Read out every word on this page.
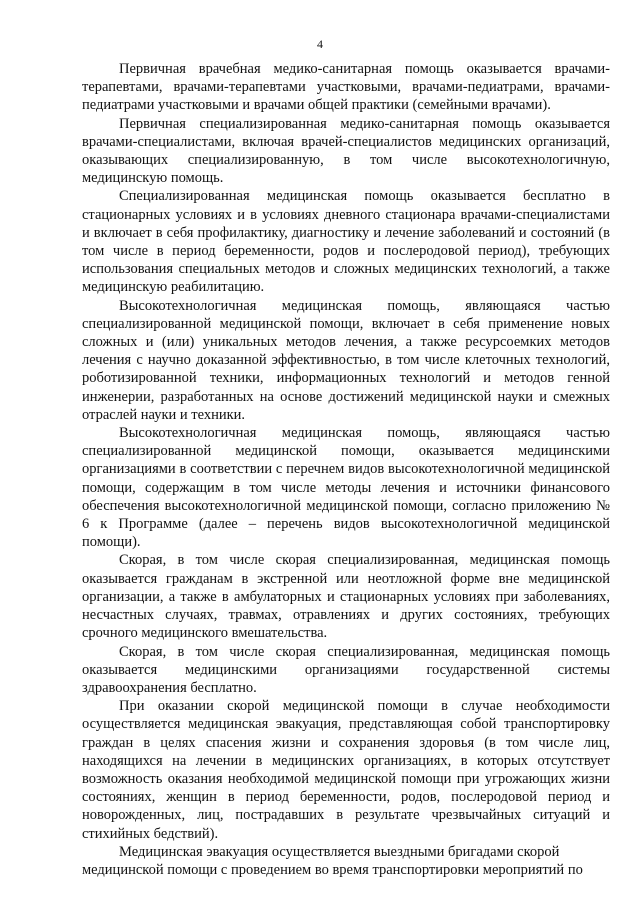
4

Первичная врачебная медико-санитарная помощь оказывается врачами-терапевтами, врачами-терапевтами участковыми, врачами-педиатрами, врачами-педиатрами участковыми и врачами общей практики (семейными врачами).

Первичная специализированная медико-санитарная помощь оказывается врачами-специалистами, включая врачей-специалистов медицинских организаций, оказывающих специализированную, в том числе высокотехнологичную, медицинскую помощь.

Специализированная медицинская помощь оказывается бесплатно в стационарных условиях и в условиях дневного стационара врачами-специалистами и включает в себя профилактику, диагностику и лечение заболеваний и состояний (в том числе в период беременности, родов и послеродовой период), требующих использования специальных методов и сложных медицинских технологий, а также медицинскую реабилитацию.

Высокотехнологичная медицинская помощь, являющаяся частью специализированной медицинской помощи, включает в себя применение новых сложных и (или) уникальных методов лечения, а также ресурсоемких методов лечения с научно доказанной эффективностью, в том числе клеточных технологий, роботизированной техники, информационных технологий и методов генной инженерии, разработанных на основе достижений медицинской науки и смежных отраслей науки и техники.

Высокотехнологичная медицинская помощь, являющаяся частью специализированной медицинской помощи, оказывается медицинскими организациями в соответствии с перечнем видов высокотехнологичной медицинской помощи, содержащим в том числе методы лечения и источники финансового обеспечения высокотехнологичной медицинской помощи, согласно приложению № 6 к Программе (далее – перечень видов высокотехнологичной медицинской помощи).

Скорая, в том числе скорая специализированная, медицинская помощь оказывается гражданам в экстренной или неотложной форме вне медицинской организации, а также в амбулаторных и стационарных условиях при заболеваниях, несчастных случаях, травмах, отравлениях и других состояниях, требующих срочного медицинского вмешательства.

Скорая, в том числе скорая специализированная, медицинская помощь оказывается медицинскими организациями государственной системы здравоохранения бесплатно.

При оказании скорой медицинской помощи в случае необходимости осуществляется медицинская эвакуация, представляющая собой транспортировку граждан в целях спасения жизни и сохранения здоровья (в том числе лиц, находящихся на лечении в медицинских организациях, в которых отсутствует возможность оказания необходимой медицинской помощи при угрожающих жизни состояниях, женщин в период беременности, родов, послеродовой период и новорожденных, лиц, пострадавших в результате чрезвычайных ситуаций и стихийных бедствий).

Медицинская эвакуация осуществляется выездными бригадами скорой медицинской помощи с проведением во время транспортировки мероприятий по
